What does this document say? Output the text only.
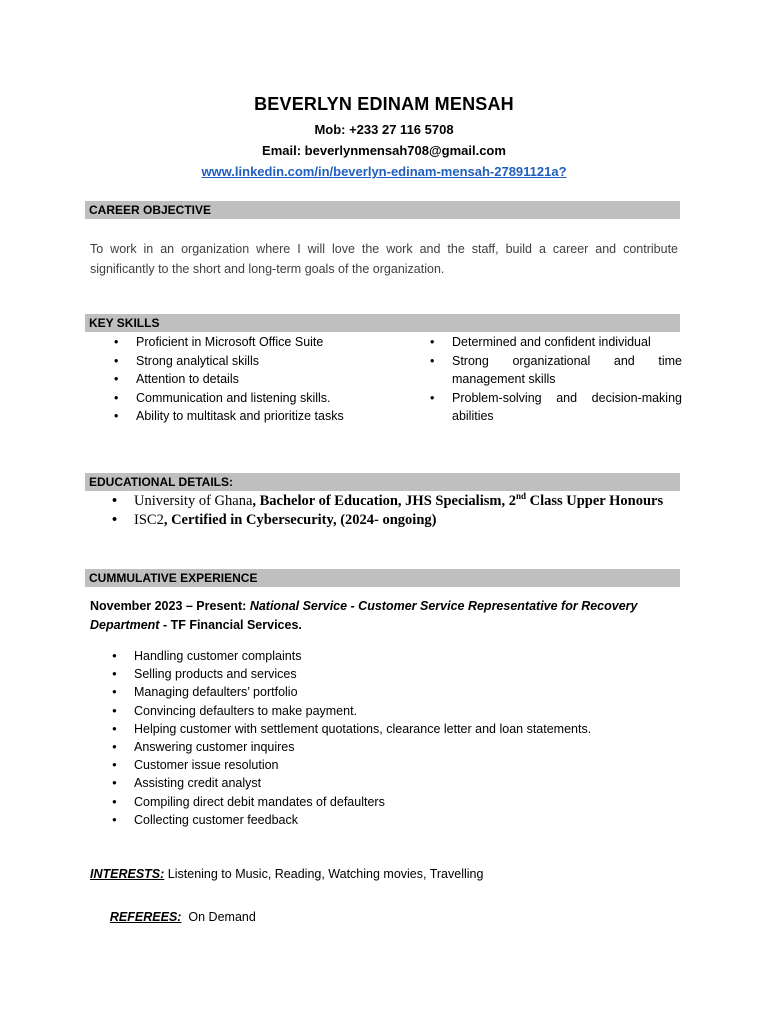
BEVERLYN EDINAM MENSAH
Mob: +233 27 116 5708
Email: beverlynmensah708@gmail.com
www.linkedin.com/in/beverlyn-edinam-mensah-27891121a?
CAREER OBJECTIVE
To work in an organization where I will love the work and the staff, build a career and contribute significantly to the short and long-term goals of the organization.
KEY SKILLS
• Proficient in Microsoft Office Suite
• Strong analytical skills
• Attention to details
• Communication and listening skills.
• Ability to multitask and prioritize tasks
• Determined and confident individual
• Strong organizational and time management skills
• Problem-solving and decision-making abilities
EDUCATIONAL DETAILS:
• University of Ghana, Bachelor of Education, JHS Specialism, 2nd Class Upper Honours
• ISC2, Certified in Cybersecurity, (2024- ongoing)
CUMMULATIVE EXPERIENCE
November 2023 – Present: National Service - Customer Service Representative for Recovery Department - TF Financial Services.
● Handling customer complaints
● Selling products and services
● Managing defaulters’ portfolio
● Convincing defaulters to make payment.
● Helping customer with settlement quotations, clearance letter and loan statements.
● Answering customer inquires
● Customer issue resolution
● Assisting credit analyst
● Compiling direct debit mandates of defaulters
● Collecting customer feedback
INTERESTS: Listening to Music, Reading, Watching movies, Travelling

REFEREES:  On Demand
